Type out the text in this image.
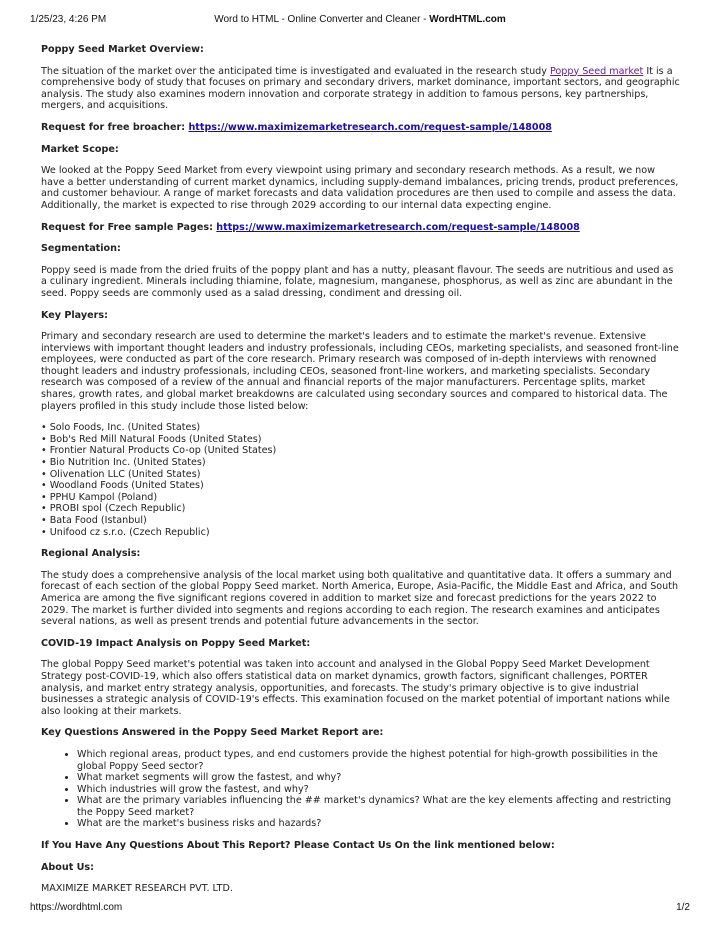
1/25/23, 4:26 PM	Word to HTML - Online Converter and Cleaner - WordHTML.com

Poppy Seed Market Overview:

The situation of the market over the anticipated time is investigated and evaluated in the research study Poppy Seed market It is a comprehensive body of study that focuses on primary and secondary drivers, market dominance, important sectors, and geographic analysis. The study also examines modern innovation and corporate strategy in addition to famous persons, key partnerships, mergers, and acquisitions.

Request for free broacher: https://www.maximizemarketresearch.com/request-sample/148008

Market Scope:

We looked at the Poppy Seed Market from every viewpoint using primary and secondary research methods. As a result, we now have a better understanding of current market dynamics, including supply-demand imbalances, pricing trends, product preferences, and customer behaviour. A range of market forecasts and data validation procedures are then used to compile and assess the data. Additionally, the market is expected to rise through 2029 according to our internal data expecting engine.

Request for Free sample Pages: https://www.maximizemarketresearch.com/request-sample/148008

Segmentation:

Poppy seed is made from the dried fruits of the poppy plant and has a nutty, pleasant flavour. The seeds are nutritious and used as a culinary ingredient. Minerals including thiamine, folate, magnesium, manganese, phosphorus, as well as zinc are abundant in the seed. Poppy seeds are commonly used as a salad dressing, condiment and dressing oil.

Key Players:

Primary and secondary research are used to determine the market's leaders and to estimate the market's revenue. Extensive interviews with important thought leaders and industry professionals, including CEOs, marketing specialists, and seasoned front-line employees, were conducted as part of the core research. Primary research was composed of in-depth interviews with renowned thought leaders and industry professionals, including CEOs, seasoned front-line workers, and marketing specialists. Secondary research was composed of a review of the annual and financial reports of the major manufacturers. Percentage splits, market shares, growth rates, and global market breakdowns are calculated using secondary sources and compared to historical data. The players profiled in this study include those listed below:

• Solo Foods, Inc. (United States)
• Bob's Red Mill Natural Foods (United States)
• Frontier Natural Products Co-op (United States)
• Bio Nutrition Inc. (United States)
• Olivenation LLC (United States)
• Woodland Foods (United States)
• PPHU Kampol (Poland)
• PROBI spol (Czech Republic)
• Bata Food (Istanbul)
• Unifood cz s.r.o. (Czech Republic)

Regional Analysis:

The study does a comprehensive analysis of the local market using both qualitative and quantitative data. It offers a summary and forecast of each section of the global Poppy Seed market. North America, Europe, Asia-Pacific, the Middle East and Africa, and South America are among the five significant regions covered in addition to market size and forecast predictions for the years 2022 to 2029. The market is further divided into segments and regions according to each region. The research examines and anticipates several nations, as well as present trends and potential future advancements in the sector.

COVID-19 Impact Analysis on Poppy Seed Market:

The global Poppy Seed market's potential was taken into account and analysed in the Global Poppy Seed Market Development Strategy post-COVID-19, which also offers statistical data on market dynamics, growth factors, significant challenges, PORTER analysis, and market entry strategy analysis, opportunities, and forecasts. The study's primary objective is to give industrial businesses a strategic analysis of COVID-19's effects. This examination focused on the market potential of important nations while also looking at their markets.

Key Questions Answered in the Poppy Seed Market Report are:

• Which regional areas, product types, and end customers provide the highest potential for high-growth possibilities in the global Poppy Seed sector?
• What market segments will grow the fastest, and why?
• Which industries will grow the fastest, and why?
• What are the primary variables influencing the ## market's dynamics? What are the key elements affecting and restricting the Poppy Seed market?
• What are the market's business risks and hazards?

If You Have Any Questions About This Report? Please Contact Us On the link mentioned below:

About Us:

MAXIMIZE MARKET RESEARCH PVT. LTD.

https://wordhtml.com	1/2
